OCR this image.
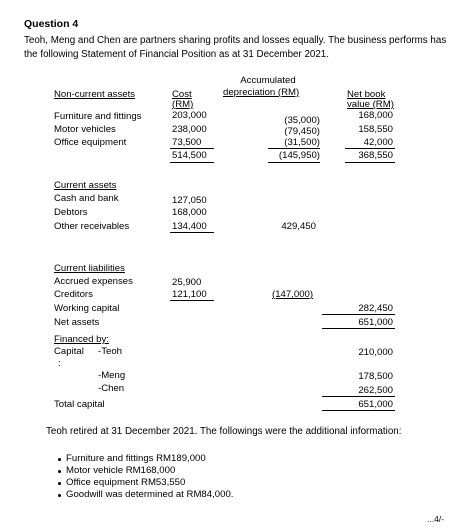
Question 4
Teoh, Meng and Chen are partners sharing profits and losses equally. The business performs has the following Statement of Financial Position as at 31 December 2021.
Non-current assets	Cost
(RM)
Accumulated
depreciation (RM)	Net book
value (RM)
Furniture and fittings	203,000	(35,000)	168,000
Motor vehicles	238,000	(79,450)	158,550
Office equipment	73,500	(31,500)	42,000
514,500	(145,950)	368,550
Current assets
Cash and bank	127,050
Debtors	168,000
Other receivables	134,400	429,450
Current liabilities
Accrued expenses	25,900
Creditors	121,100	(147,000)
Working capital	282,450
Net assets	651,000
Financed by:
Capital -Teoh	210,000
:
-Meng	178,500
-Chen	262,500
Total capital	651,000
Teoh retired at 31 December 2021. The followings were the additional information:
Furniture and fittings RM189,000
Motor vehicle RM168,000
Office equipment RM53,550
Goodwill was determined at RM84,000.
...4/-
